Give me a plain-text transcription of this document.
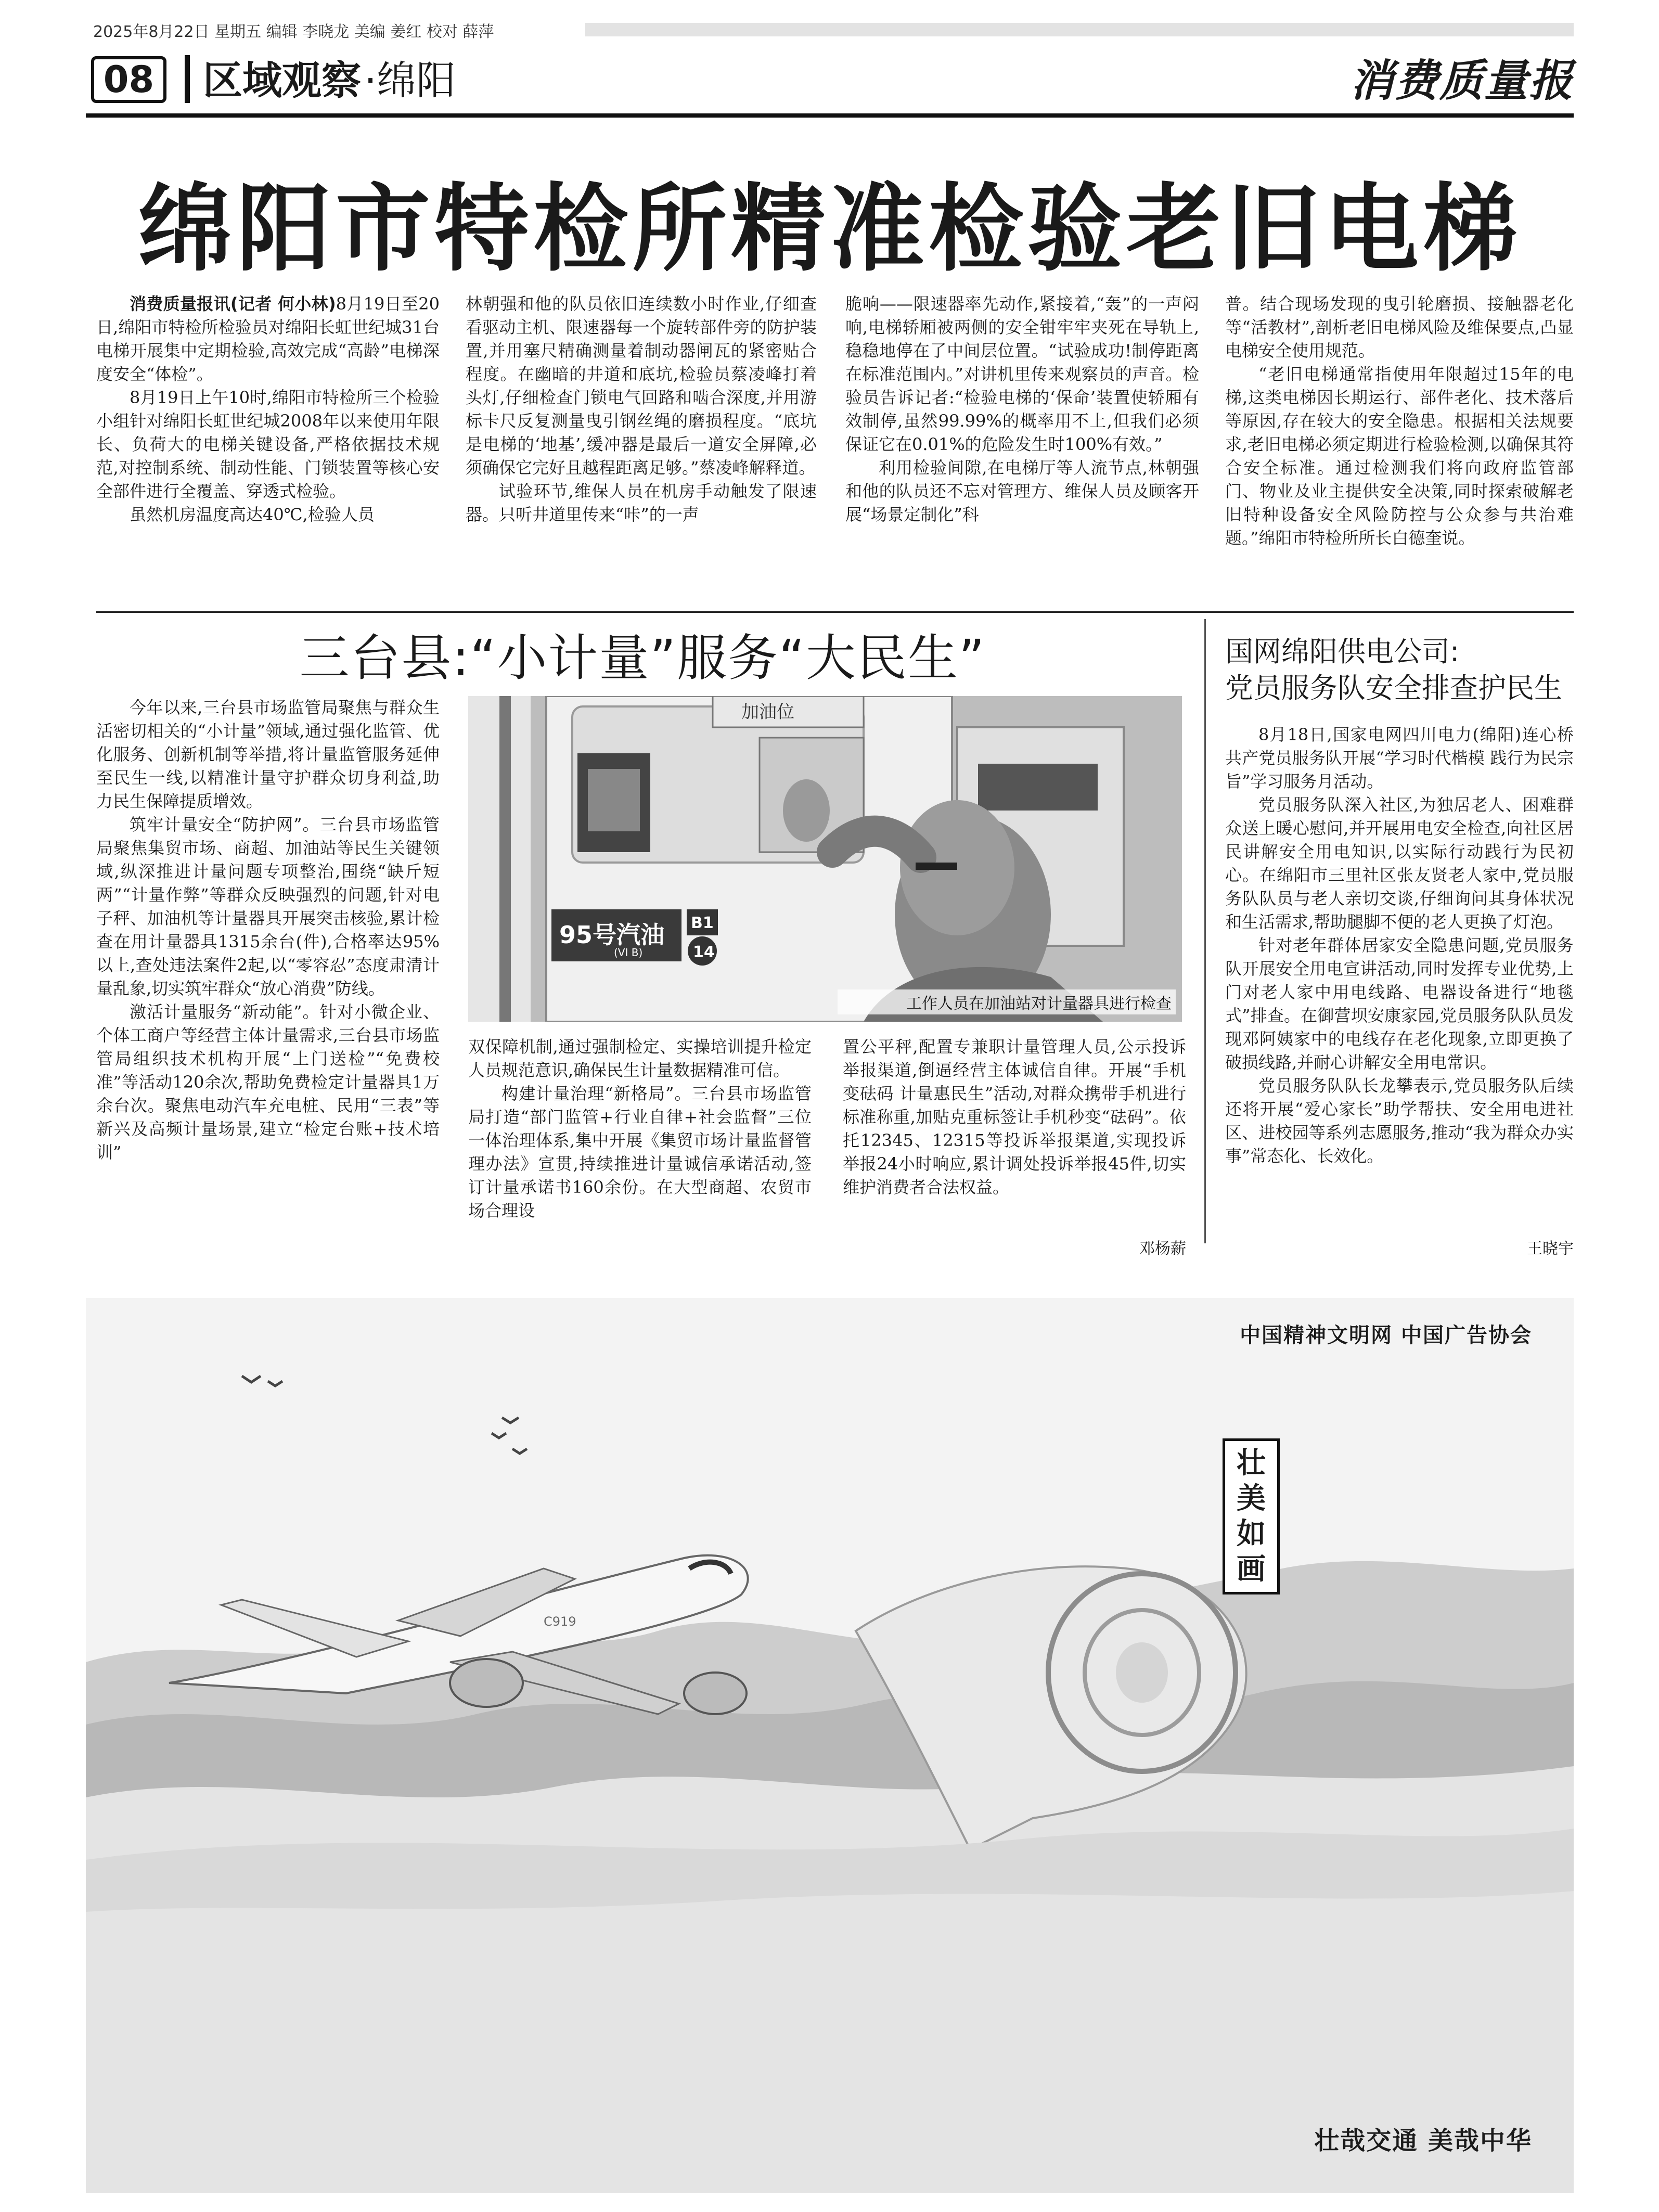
2025年8月22日 星期五 编辑 李晓龙 美编 姜红 校对 薛萍
08	区域观察·绵阳	消费质量报
绵阳市特检所精准检验老旧电梯

消费质量报讯(记者 何小林)8月19日至20日,绵阳市特检所检验员对绵阳长虹世纪城31台电梯开展集中定期检验,高效完成“高龄”电梯深度安全“体检”。

8月19日上午10时,绵阳市特检所三个检验小组针对绵阳长虹世纪城2008年以来使用年限长、负荷大的电梯关键设备,严格依据技术规范,对控制系统、制动性能、门锁装置等核心安全部件进行全覆盖、穿透式检验。

虽然机房温度高达40℃,检验人员

林朝强和他的队员依旧连续数小时作业,仔细查看驱动主机、限速器每一个旋转部件旁的防护装置,并用塞尺精确测量着制动器闸瓦的紧密贴合程度。在幽暗的井道和底坑,检验员蔡凌峰打着头灯,仔细检查门锁电气回路和啮合深度,并用游标卡尺反复测量曳引钢丝绳的磨损程度。“底坑是电梯的‘地基’,缓冲器是最后一道安全屏障,必须确保它完好且越程距离足够。”蔡凌峰解释道。

试验环节,维保人员在机房手动触发了限速器。只听井道里传来“咔”的一声

脆响——限速器率先动作,紧接着,“轰”的一声闷响,电梯轿厢被两侧的安全钳牢牢夹死在导轨上,稳稳地停在了中间层位置。“试验成功!制停距离在标准范围内。”对讲机里传来观察员的声音。检验员告诉记者:“检验电梯的‘保命’装置使轿厢有效制停,虽然99.99%的概率用不上,但我们必须保证它在0.01%的危险发生时100%有效。”

利用检验间隙,在电梯厅等人流节点,林朝强和他的队员还不忘对管理方、维保人员及顾客开展“场景定制化”科

普。结合现场发现的曳引轮磨损、接触器老化等“活教材”,剖析老旧电梯风险及维保要点,凸显电梯安全使用规范。

“老旧电梯通常指使用年限超过15年的电梯,这类电梯因长期运行、部件老化、技术落后等原因,存在较大的安全隐患。根据相关法规要求,老旧电梯必须定期进行检验检测,以确保其符合安全标准。通过检测我们将向政府监管部门、物业及业主提供安全决策,同时探索破解老旧特种设备安全风险防控与公众参与共治难题。”绵阳市特检所所长白德奎说。

三台县:“小计量”服务“大民生”
加油位
95号汽油
(VI B)
B1
14
工作人员在加油站对计量器具进行检查

今年以来,三台县市场监管局聚焦与群众生活密切相关的“小计量”领域,通过强化监管、优化服务、创新机制等举措,将计量监管服务延伸至民生一线,以精准计量守护群众切身利益,助力民生保障提质增效。

筑牢计量安全“防护网”。三台县市场监管局聚焦集贸市场、商超、加油站等民生关键领域,纵深推进计量问题专项整治,围绕“缺斤短两”“计量作弊”等群众反映强烈的问题,针对电子秤、加油机等计量器具开展突击核验,累计检查在用计量器具1315余台(件),合格率达95%以上,查处违法案件2起,以“零容忍”态度肃清计量乱象,切实筑牢群众“放心消费”防线。

激活计量服务“新动能”。针对小微企业、个体工商户等经营主体计量需求,三台县市场监管局组织技术机构开展“上门送检”“免费校准”等活动120余次,帮助免费检定计量器具1万余台次。聚焦电动汽车充电桩、民用“三表”等新兴及高频计量场景,建立“检定台账+技术培训”

双保障机制,通过强制检定、实操培训提升检定人员规范意识,确保民生计量数据精准可信。

构建计量治理“新格局”。三台县市场监管局打造“部门监管+行业自律+社会监督”三位一体治理体系,集中开展《集贸市场计量监督管理办法》宣贯,持续推进计量诚信承诺活动,签订计量承诺书160余份。在大型商超、农贸市场合理设

置公平秤,配置专兼职计量管理人员,公示投诉举报渠道,倒逼经营主体诚信自律。开展“手机变砝码 计量惠民生”活动,对群众携带手机进行标准称重,加贴克重标签让手机秒变“砝码”。依托12345、12315等投诉举报渠道,实现投诉举报24小时响应,累计调处投诉举报45件,切实维护消费者合法权益。

邓杨薪
国网绵阳供电公司:
党员服务队安全排查护民生

8月18日,国家电网四川电力(绵阳)连心桥共产党员服务队开展“学习时代楷模 践行为民宗旨”学习服务月活动。

党员服务队深入社区,为独居老人、困难群众送上暖心慰问,并开展用电安全检查,向社区居民讲解安全用电知识,以实际行动践行为民初心。在绵阳市三里社区张友贤老人家中,党员服务队队员与老人亲切交谈,仔细询问其身体状况和生活需求,帮助腿脚不便的老人更换了灯泡。

针对老年群体居家安全隐患问题,党员服务队开展安全用电宣讲活动,同时发挥专业优势,上门对老人家中用电线路、电器设备进行“地毯式”排查。在御营坝安康家园,党员服务队队员发现邓阿姨家中的电线存在老化现象,立即更换了破损线路,并耐心讲解安全用电常识。

党员服务队队长龙攀表示,党员服务队后续还将开展“爱心家长”助学帮扶、安全用电进社区、进校园等系列志愿服务,推动“我为群众办实事”常态化、长效化。

王晓宇
C919
中国精神文明网 中国广告协会
壮
美
如
画
壮哉交通 美哉中华
